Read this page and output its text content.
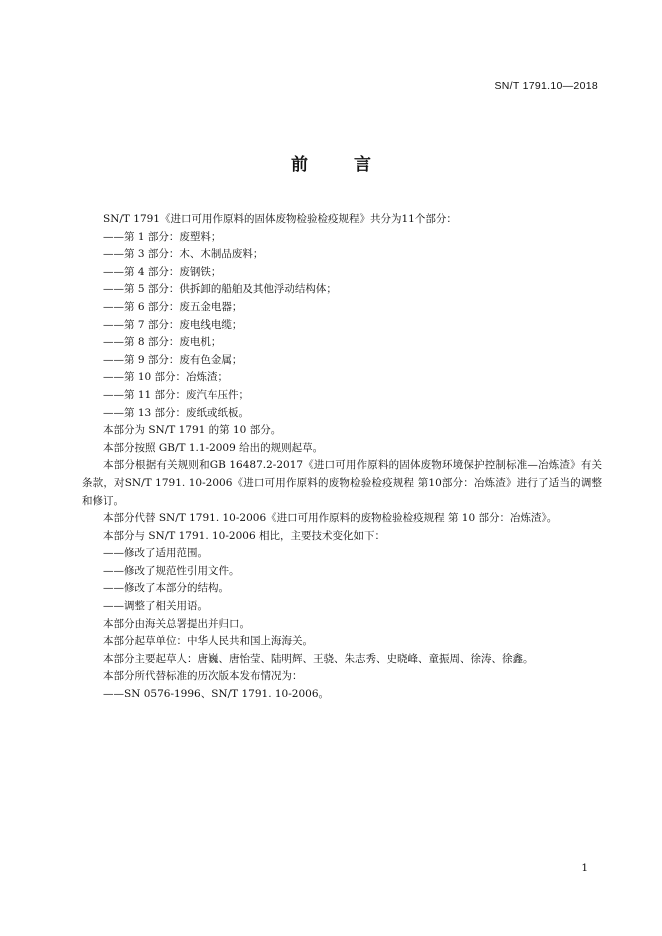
SN/T 1791.10—2018
前 言
SN/T 1791《进口可用作原料的固体废物检验检疫规程》共分为11个部分：
——第 1 部分：废塑料；
——第 3 部分：木、木制品废料；
——第 4 部分：废钢铁；
——第 5 部分：供拆卸的船舶及其他浮动结构体；
——第 6 部分：废五金电器；
——第 7 部分：废电线电缆；
——第 8 部分：废电机；
——第 9 部分：废有色金属；
——第 10 部分：冶炼渣；
——第 11 部分：废汽车压件；
——第 13 部分：废纸或纸板。
本部分为 SN/T 1791 的第 10 部分。
本部分按照 GB/T 1.1-2009 给出的规则起草。
本部分根据有关规则和GB 16487.2-2017《进口可用作原料的固体废物环境保护控制标准—冶炼渣》有关条款，对SN/T 1791. 10-2006《进口可用作原料的废物检验检疫规程 第10部分：冶炼渣》进行了适当的调整和修订。
本部分代替 SN/T 1791. 10-2006《进口可用作原料的废物检验检疫规程 第 10 部分：冶炼渣》。
本部分与 SN/T 1791. 10-2006 相比，主要技术变化如下：
——修改了适用范围。
——修改了规范性引用文件。
——修改了本部分的结构。
——调整了相关用语。
本部分由海关总署提出并归口。
本部分起草单位：中华人民共和国上海海关。
本部分主要起草人：唐巍、唐怡莹、陆明辉、王骁、朱志秀、史晓峰、童振周、徐涛、徐鑫。
本部分所代替标准的历次版本发布情况为：
——SN 0576-1996、SN/T 1791. 10-2006。
1
